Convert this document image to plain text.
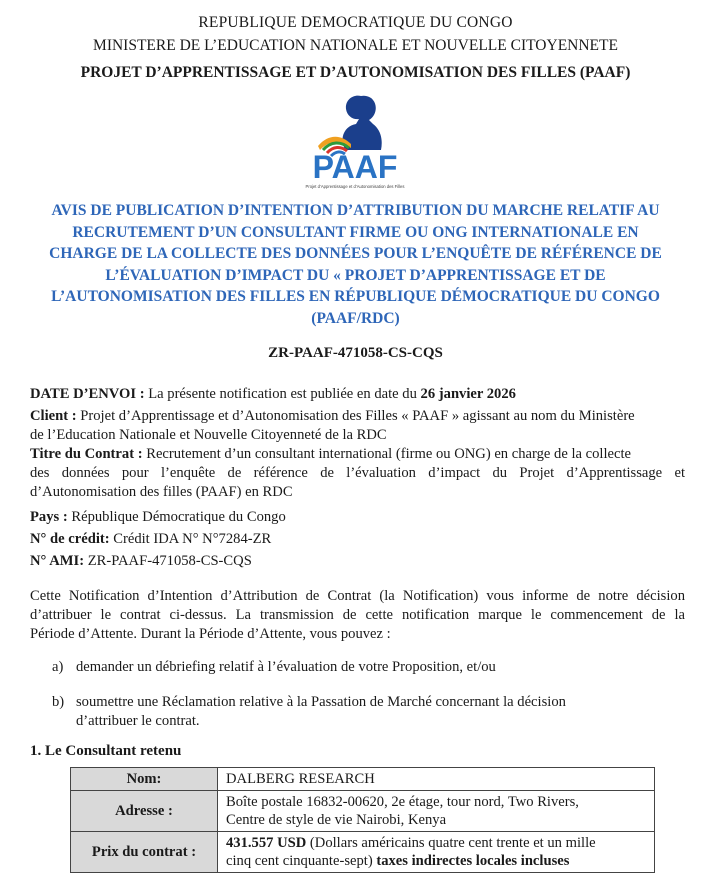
REPUBLIQUE DEMOCRATIQUE DU CONGO
MINISTERE DE L’EDUCATION NATIONALE ET NOUVELLE CITOYENNETE
PROJET D’APPRENTISSAGE ET D’AUTONOMISATION DES FILLES (PAAF)
PAAF
Projet d’Apprentissage et d’Autonomisation des Filles
AVIS DE PUBLICATION D’INTENTION D’ATTRIBUTION DU MARCHE RELATIF AU
RECRUTEMENT D’UN CONSULTANT FIRME OU ONG INTERNATIONALE EN
CHARGE DE LA COLLECTE DES DONNÉES POUR L’ENQUÊTE DE RÉFÉRENCE DE
L’ÉVALUATION D’IMPACT DU « PROJET D’APPRENTISSAGE ET DE
L’AUTONOMISATION DES FILLES EN RÉPUBLIQUE DÉMOCRATIQUE DU CONGO
(PAAF/RDC)
ZR-PAAF-471058-CS-CQS
DATE D’ENVOI : La présente notification est publiée en date du 26 janvier 2026
Client : Projet d’Apprentissage et d’Autonomisation des Filles « PAAF » agissant au nom du Ministère
de l’Education Nationale et Nouvelle Citoyenneté de la RDC
Titre du Contrat : Recrutement d’un consultant international (firme ou ONG) en charge de la collecte
des données pour l’enquête de référence de l’évaluation d’impact du Projet d’Apprentissage et
d’Autonomisation des filles (PAAF) en RDC
Pays : République Démocratique du Congo
N° de crédit: Crédit IDA N° N°7284-ZR
N° AMI: ZR-PAAF-471058-CS-CQS
Cette Notification d’Intention d’Attribution de Contrat (la Notification) vous informe de notre décision
d’attribuer le contrat ci-dessus. La transmission de cette notification marque le commencement de la
Période d’Attente. Durant la Période d’Attente, vous pouvez :
a) demander un débriefing relatif à l’évaluation de votre Proposition, et/ou
b) soumettre une Réclamation relative à la Passation de Marché concernant la décision
d’attribuer le contrat.
1. Le Consultant retenu
Nom:	DALBERG RESEARCH
Adresse :	Boîte postale 16832-00620, 2e étage, tour nord, Two Rivers,
Centre de style de vie Nairobi, Kenya

Prix du contrat :	431.557 USD (Dollars américains quatre cent trente et un mille
cinq cent cinquante-sept) taxes indirectes locales incluses
